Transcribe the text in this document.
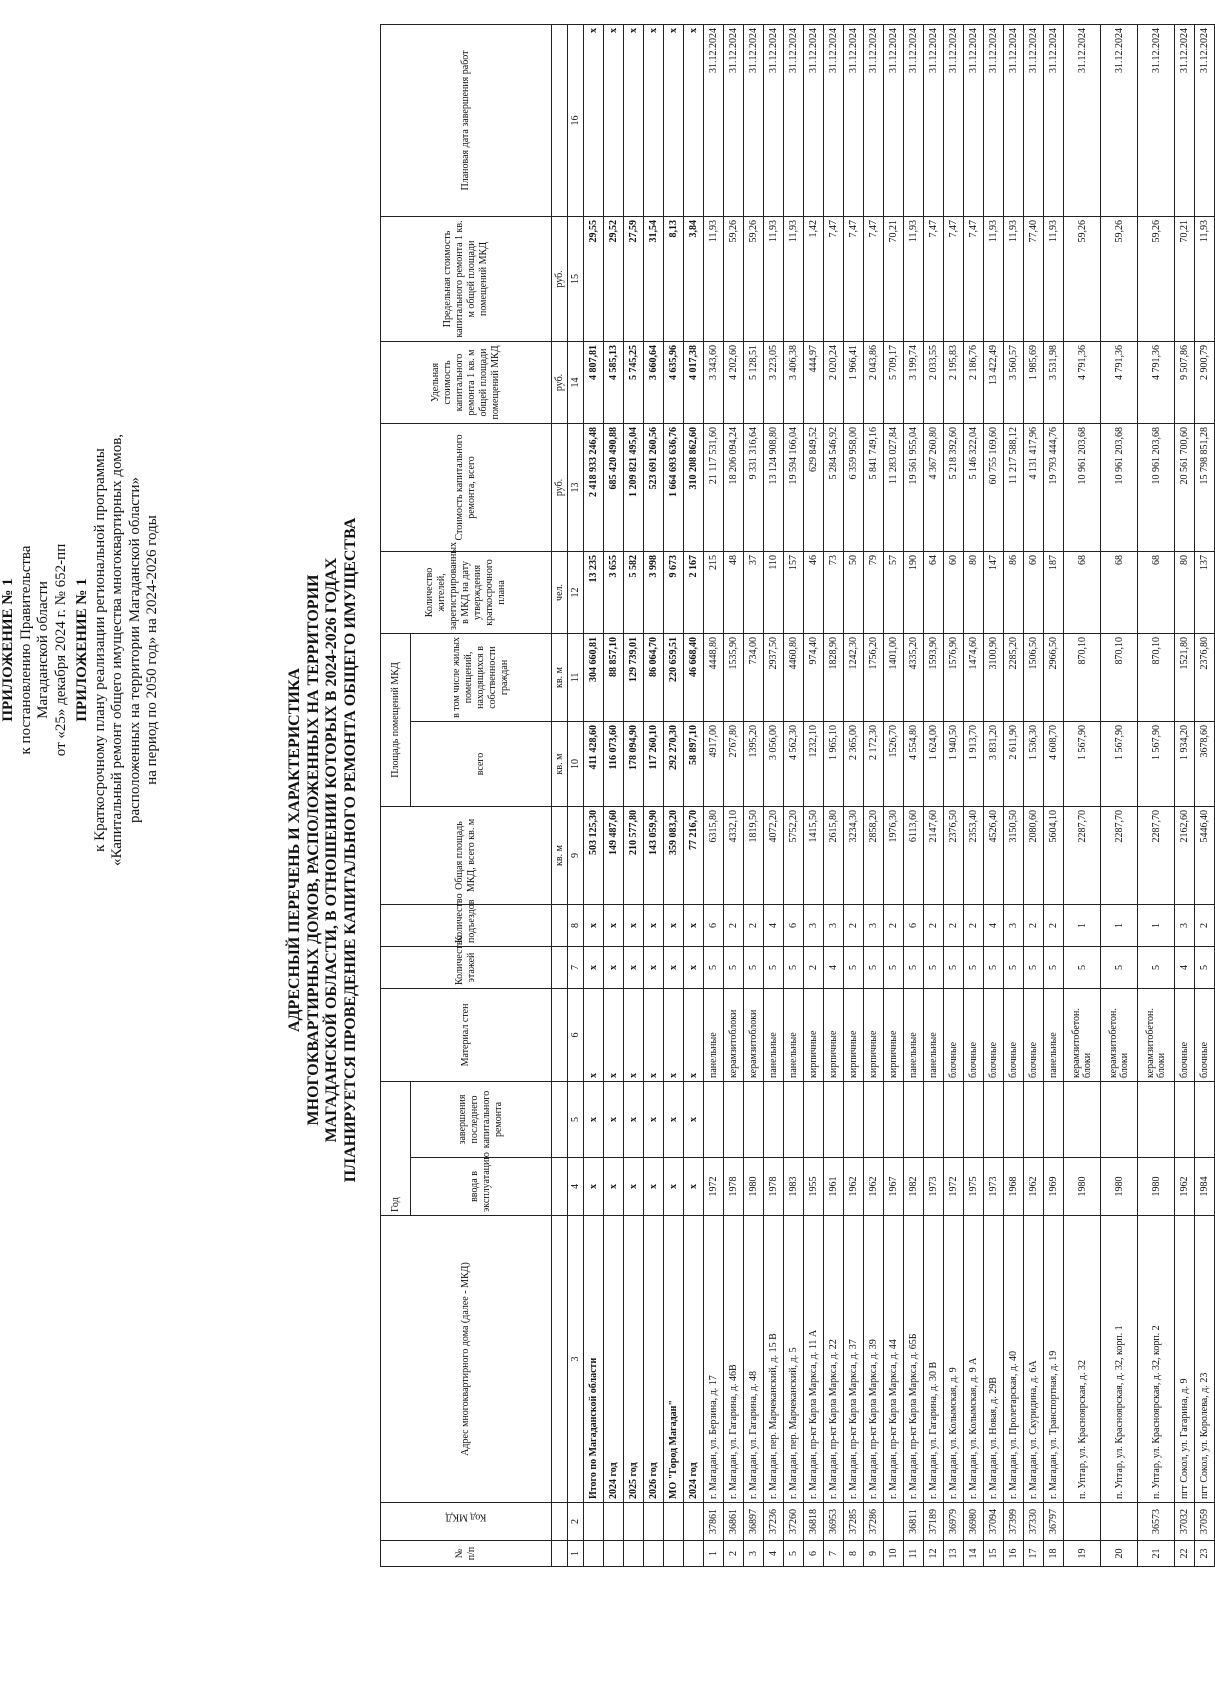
ПРИЛОЖЕНИЕ № 1 к постановлению Правительства Магаданской области от «25» декабря 2024 г. № 652-пп ПРИЛОЖЕНИЕ № 1 к Краткосрочному плану реализации региональной программы «Капитальный ремонт общего имущества многоквартирных домов, расположенных на территории Магаданской области» на период по 2050 год» на 2024-2026 годы
АДРЕСНЫЙ ПЕРЕЧЕНЬ И ХАРАКТЕРИСТИКА МНОГОКВАРТИРНЫХ ДОМОВ, РАСПОЛОЖЕННЫХ НА ТЕРРИТОРИИ МАГАДАНСКОЙ ОБЛАСТИ, В ОТНОШЕНИИ КОТОРЫХ В 2024-2026 ГОДАХ ПЛАНИРУЕТСЯ ПРОВЕДЕНИЕ КАПИТАЛЬНОГО РЕМОНТА ОБЩЕГО ИМУЩЕСТВА
№ п/п	Код МКД	Адрес многоквартирного дома (далее - МКД)	Год		Материал стен	Количество этажей	Количество подъездов	Общая площадь МКД, всего кв. м	Площадь помещений МКД		Количество жителей, зарегистрированных в МКД на дату утверждения краткосрочного плана	Стоимость капитального ремонта, всего	Удельная стоимость капитального ремонта 1 кв. м общей площади помещений МКД	Предельная стоимость капитального ремонта 1 кв. м общей площади помещений МКД	Плановая дата завершения работ
			ввода в эксплуатацию	завершения последнего капитального ремонта					всего	в том числе жилых помещений, находящихся в собственности граждан					
								кв. м	кв. м	кв. м	чел.	руб.	руб.	руб.	
1	2	3	4	5	6	7	8	9	10	11	12	13	14	15	16
		Итого по Магаданской области	x	x	x	x	x	503 125,30	411 428,60	304 660,81	13 235	2 418 933 246,48	4 807,81	29,55	x
		2024 год	x	x	x	x	x	149 487,60	116 073,60	88 857,10	3 655	685 420 490,88	4 585,13	29,52	x
		2025 год	x	x	x	x	x	210 577,80	178 094,90	129 739,01	5 582	1 209 821 495,04	5 745,25	27,59	x
		2026 год	x	x	x	x	x	143 059,90	117 260,10	86 064,70	3 998	523 691 260,56	3 660,64	31,54	x
		МО "Город Магадан"	x	x	x	x	x	359 083,20	292 270,30	220 659,51	9 673	1 664 693 636,76	4 635,96	8,13	x
		2024 год	x	x	x	x	x	77 216,70	58 897,10	46 668,40	2 167	310 208 862,60	4 017,38	3,84	x
1	37861	г. Магадан, ул. Берзина, д. 17	1972		панельные	5	6	6315,80	4917,00	4448,80	215	21 117 531,60	3 343,60	11,93	31.12.2024
2	36861	г. Магадан, ул. Гагарина, д. 46В	1978		керамзитоблоки	5	2	4332,10	2767,80	1535,90	48	18 206 094,24	4 202,60	59,26	31.12.2024
3	36897	г. Магадан, ул. Гагарина, д. 48	1980		керамзитоблоки	5	2	1819,50	1395,20	734,00	37	9 331 316,64	5 128,51	59,26	31.12.2024
4	37236	г. Магадан, пер. Марчеканский, д. 15 В	1978		панельные	5	4	4072,20	3 056,00	2937,50	110	13 124 908,80	3 223,05	11,93	31.12.2024
5	37260	г. Магадан, пер. Марчеканский, д. 5	1983		панельные	5	6	5752,20	4 562,30	4460,80	157	19 594 166,04	3 406,38	11,93	31.12.2024
6	36818	г. Магадан, пр-кт Карла Маркса, д. 11 А	1955		кирпичные	2	3	1415,50	1232,10	974,40	46	629 849,52	444,97	1,42	31.12.2024
7	36953	г. Магадан, пр-кт Карла Маркса, д. 22	1961		кирпичные	4	3	2615,80	1 965,10	1828,90	73	5 284 546,92	2 020,24	7,47	31.12.2024
8	37285	г. Магадан, пр-кт Карла Маркса, д. 37	1962		кирпичные	5	2	3234,30	2 365,00	1242,30	50	6 359 958,00	1 966,41	7,47	31.12.2024
9	37286	г. Магадан, пр-кт Карла Маркса, д. 39	1962		кирпичные	5	3	2858,20	2 172,30	1756,20	79	5 841 749,16	2 043,86	7,47	31.12.2024
10		г. Магадан, пр-кт Карла Маркса, д. 44	1967		кирпичные	5	2	1976,30	1526,70	1401,00	57	11 283 027,84	5 709,17	70,21	31.12.2024
11	36811	г. Магадан, пр-кт Карла Маркса, д. 65Б	1982		панельные	5	6	6113,60	4 554,80	4335,20	190	19 561 955,04	3 199,74	11,93	31.12.2024
12	37189	г. Магадан, ул. Гагарина, д. 30 В	1973		панельные	5	2	2147,60	1 624,00	1593,90	64	4 367 260,80	2 033,55	7,47	31.12.2024
13	36979	г. Магадан, ул. Колымская, д. 9	1972		блочные	5	2	2376,50	1 940,50	1576,90	60	5 218 392,60	2 195,83	7,47	31.12.2024
14	36980	г. Магадан, ул. Колымская, д. 9 А	1975		блочные	5	2	2353,40	1 913,70	1474,60	80	5 146 322,04	2 186,76	7,47	31.12.2024
15	37094	г. Магадан, ул. Новая, д. 29В	1973		блочные	5	4	4526,40	3 831,20	3100,90	147	60 755 169,60	13 422,49	11,93	31.12.2024
16	37399	г. Магадан, ул. Пролетарская, д. 40	1968		блочные	5	3	3150,50	2 611,90	2285,20	86	11 217 588,12	3 560,57	11,93	31.12.2024
17	37330	г. Магадан, ул. Скуридина, д. 6А	1962		блочные	5	2	2080,60	1 536,30	1506,50	60	4 131 417,96	1 985,69	77,40	31.12.2024
18	36797	г. Магадан, ул. Транспортная, д. 19	1969		панельные	5	2	5604,10	4 608,70	2966,50	187	19 793 444,76	3 531,98	11,93	31.12.2024
19		п. Уптар, ул. Красноярская, д. 32	1980		керамзитобетон. блоки	5	1	2287,70	1 567,90	870,10	68	10 961 203,68	4 791,36	59,26	31.12.2024
20		п. Уптар, ул. Красноярская, д. 32, корп. 1	1980		керамзитобетон. блоки	5	1	2287,70	1 567,90	870,10	68	10 961 203,68	4 791,36	59,26	31.12.2024
21	36573	п. Уптар, ул. Красноярская, д. 32, корп. 2	1980		керамзитобетон. блоки	5	1	2287,70	1 567,90	870,10	68	10 961 203,68	4 791,36	59,26	31.12.2024
22	37032	пгт Сокол, ул. Гагарина, д. 9	1962		блочные	4	3	2162,60	1 934,20	1521,80	80	20 561 700,60	9 507,86	70,21	31.12.2024
23	37059	пгт Сокол, ул. Королева, д. 23	1984		блочные	5	2	5446,40	3678,60	2376,80	137	15 798 851,28	2 900,79	11,93	31.12.2024
